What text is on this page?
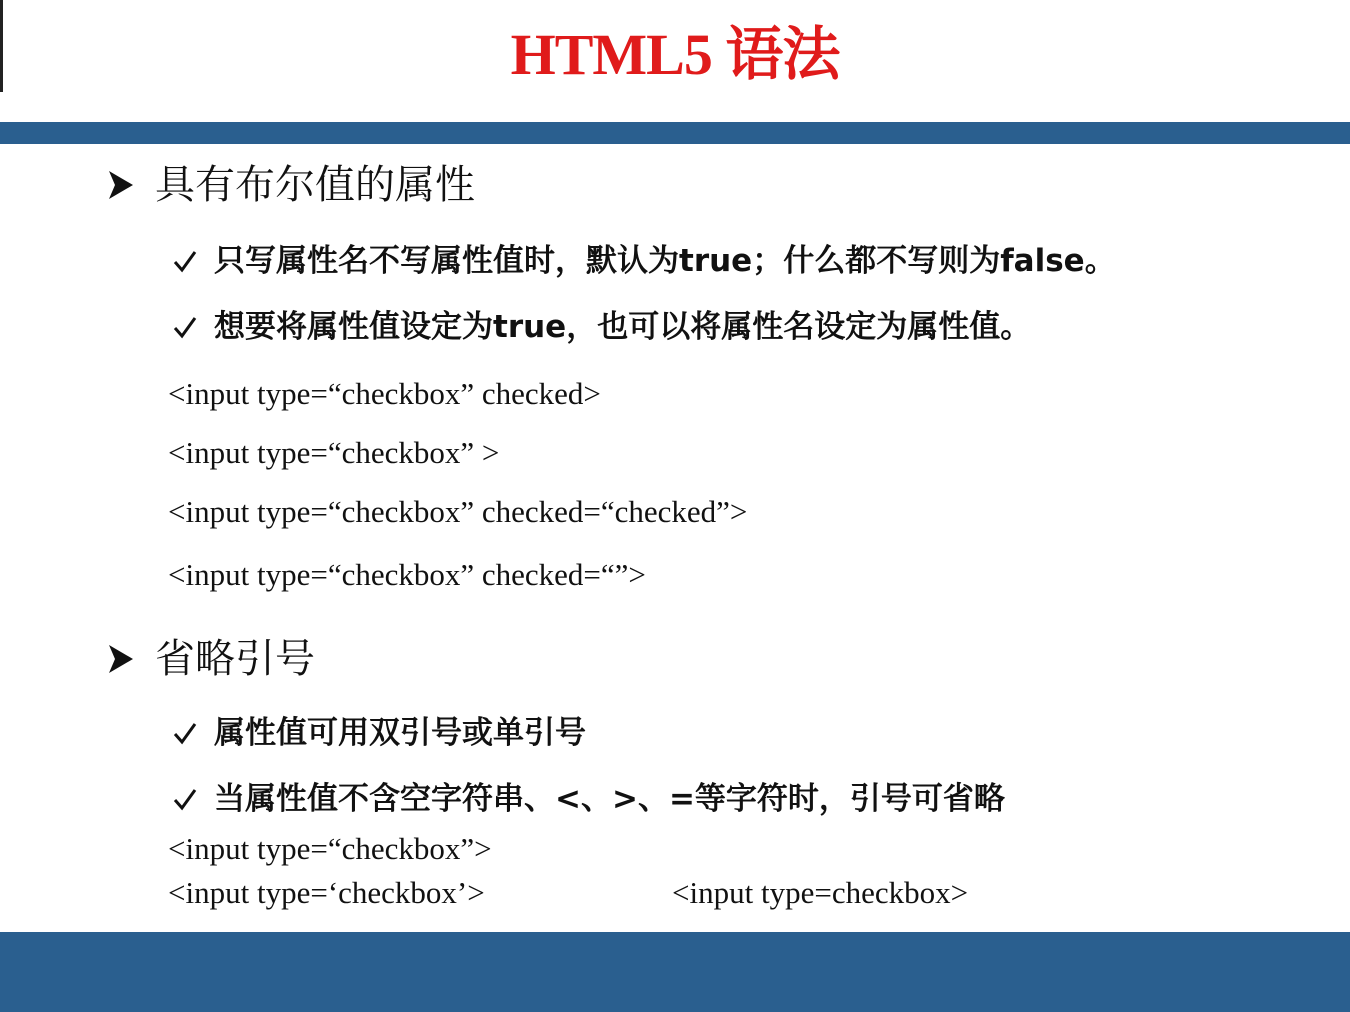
HTML5 语法
具有布尔值的属性
只写属性名不写属性值时，默认为true；什么都不写则为false。
想要将属性值设定为true，也可以将属性名设定为属性值。
<input type=“checkbox” checked>
<input type=“checkbox” >
<input type=“checkbox” checked=“checked”>
<input type=“checkbox” checked=“”>
省略引号
属性值可用双引号或单引号
当属性值不含空字符串、<、>、=等字符时，引号可省略
<input type=“checkbox”>
<input type=‘checkbox’>	<input type=checkbox>
